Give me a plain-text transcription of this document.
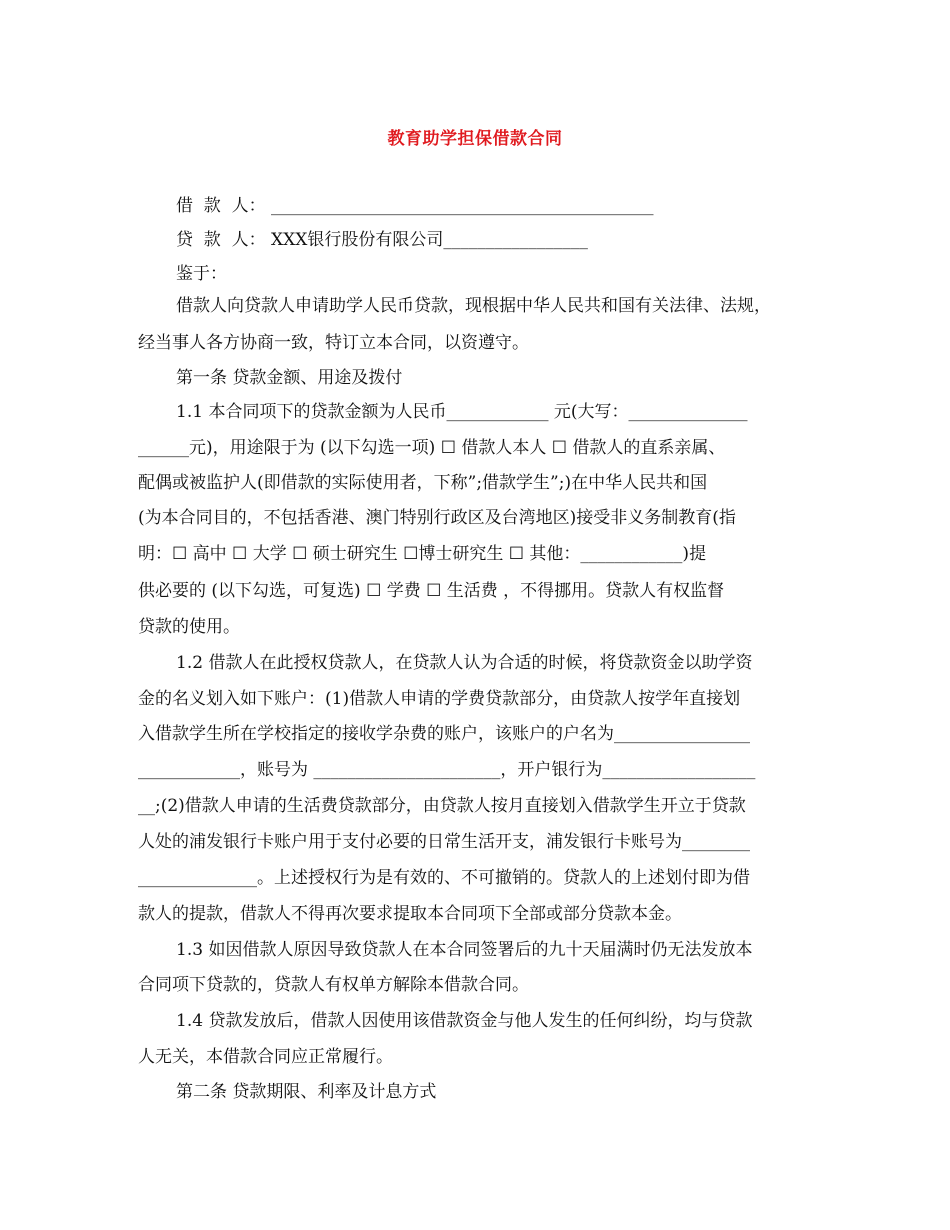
教育助学担保借款合同
借  款  人： _____________________________________________
贷  款  人： XXX银行股份有限公司_________________
鉴于：
借款人向贷款人申请助学人民币贷款，现根据中华人民共和国有关法律、法规，
经当事人各方协商一致，特订立本合同，以资遵守。
第一条 贷款金额、用途及拨付
1.1 本合同项下的贷款金额为人民币____________ 元(大写：______________
______元)，用途限于为 (以下勾选一项) ☐ 借款人本人 ☐ 借款人的直系亲属、
配偶或被监护人(即借款的实际使用者，下称”;借款学生”;)在中华人民共和国
(为本合同目的，不包括香港、澳门特别行政区及台湾地区)接受非义务制教育(指
明：☐ 高中 ☐ 大学 ☐ 硕士研究生 ☐博士研究生 ☐ 其他：____________)提
供必要的 (以下勾选，可复选) ☐ 学费 ☐ 生活费 ，不得挪用。贷款人有权监督
贷款的使用。
1.2 借款人在此授权贷款人，在贷款人认为合适的时候，将贷款资金以助学资
金的名义划入如下账户：(1)借款人申请的学费贷款部分，由贷款人按学年直接划
入借款学生所在学校指定的接收学杂费的账户，该账户的户名为________________
____________，账号为 ______________________，开户银行为__________________
__;(2)借款人申请的生活费贷款部分，由贷款人按月直接划入借款学生开立于贷款
人处的浦发银行卡账户用于支付必要的日常生活开支，浦发银行卡账号为________
______________。上述授权行为是有效的、不可撤销的。贷款人的上述划付即为借
款人的提款，借款人不得再次要求提取本合同项下全部或部分贷款本金。
1.3 如因借款人原因导致贷款人在本合同签署后的九十天届满时仍无法发放本
合同项下贷款的，贷款人有权单方解除本借款合同。
1.4 贷款发放后，借款人因使用该借款资金与他人发生的任何纠纷，均与贷款
人无关，本借款合同应正常履行。
第二条 贷款期限、利率及计息方式
